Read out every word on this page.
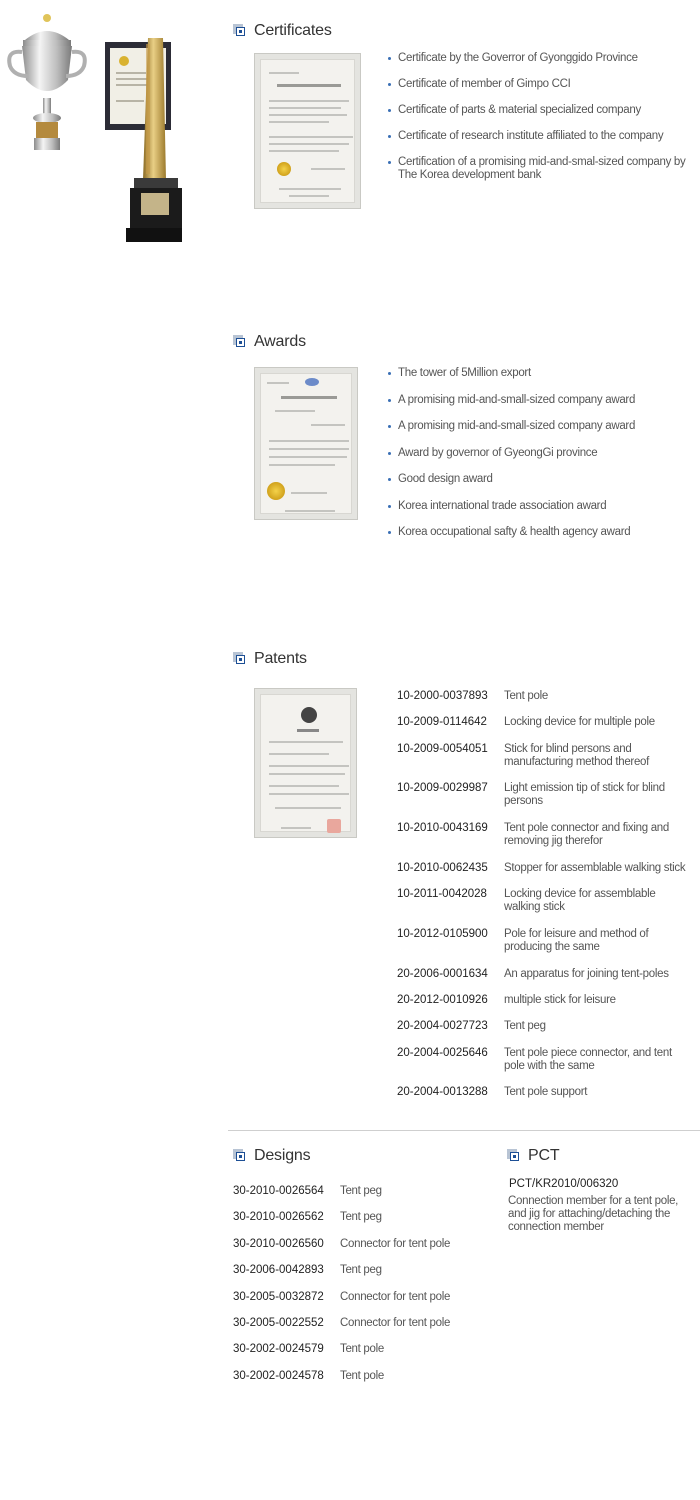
Certificates
Certificate by the Goverror of Gyonggido Province
Certificate of member of Gimpo CCI
Certificate of parts & material specialized company
Certificate of research institute affiliated to the company
Certification of a promising mid-and-smal-sized company by The Korea development bank
Awards
The tower of 5Million export
A promising mid-and-small-sized company award
A promising mid-and-small-sized company award
Award by governor of GyeongGi province
Good design award
Korea international trade association award
Korea occupational safty & health agency award
Patents
10-2000-0037893 Tent pole
10-2009-0114642 Locking device for multiple pole
10-2009-0054051 Stick for blind persons and manufacturing method thereof
10-2009-0029987 Light emission tip of stick for blind persons
10-2010-0043169 Tent pole connector and fixing and removing jig therefor
10-2010-0062435 Stopper for assemblable walking stick
10-2011-0042028 Locking device for assemblable walking stick
10-2012-0105900 Pole for leisure and method of producing the same
20-2006-0001634 An apparatus for joining tent-poles
20-2012-0010926 multiple stick for leisure
20-2004-0027723 Tent peg
20-2004-0025646 Tent pole piece connector, and tent pole with the same
20-2004-0013288 Tent pole support
Designs
30-2010-0026564 Tent peg
30-2010-0026562 Tent peg
30-2010-0026560 Connector for tent pole
30-2006-0042893 Tent peg
30-2005-0032872 Connector for tent pole
30-2005-0022552 Connector for tent pole
30-2002-0024579 Tent pole
30-2002-0024578 Tent pole
PCT
PCT/KR2010/006320
Connection member for a tent pole, and jig for attaching/detaching the connection member
